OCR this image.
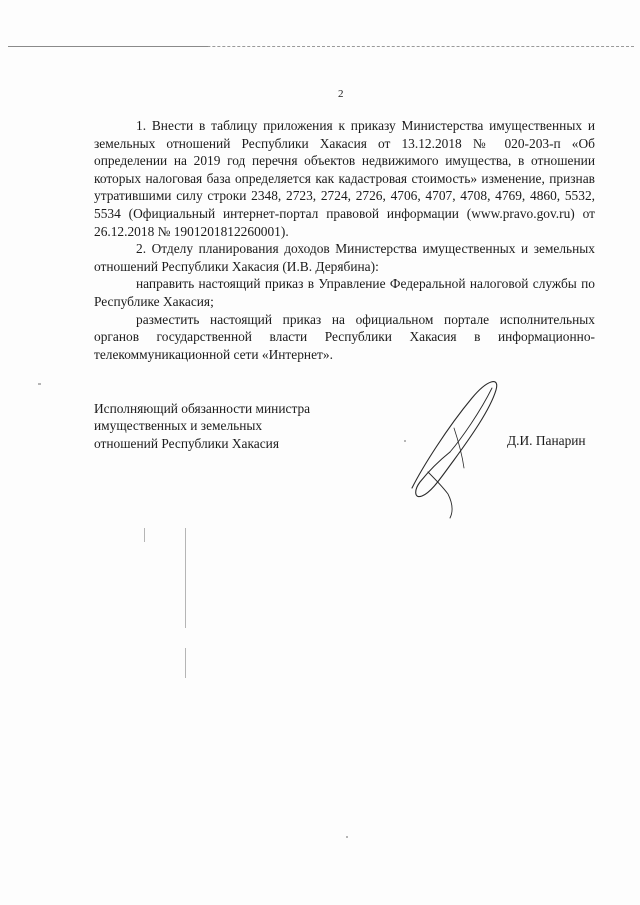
2

1. Внести в таблицу приложения к приказу Министерства имущественных и земельных отношений Республики Хакасия от 13.12.2018 № 020-203-п «Об определении на 2019 год перечня объектов недвижимого имущества, в отношении которых налоговая база определяется как кадастровая стоимость» изменение, признав утратившими силу строки 2348, 2723, 2724, 2726, 4706, 4707, 4708, 4769, 4860, 5532, 5534 (Официальный интернет-портал правовой информации (www.pravo.gov.ru) от 26.12.2018 № 1901201812260001).

2. Отделу планирования доходов Министерства имущественных и земельных отношений Республики Хакасия (И.В. Дерябина):

направить настоящий приказ в Управление Федеральной налоговой службы по Республике Хакасия;

разместить настоящий приказ на официальном портале исполнительных органов государственной власти Республики Хакасия в информационно-телекоммуникационной сети «Интернет».

Исполняющий обязанности министра
имущественных и земельных
отношений Республики Хакасия	Д.И. Панарин
